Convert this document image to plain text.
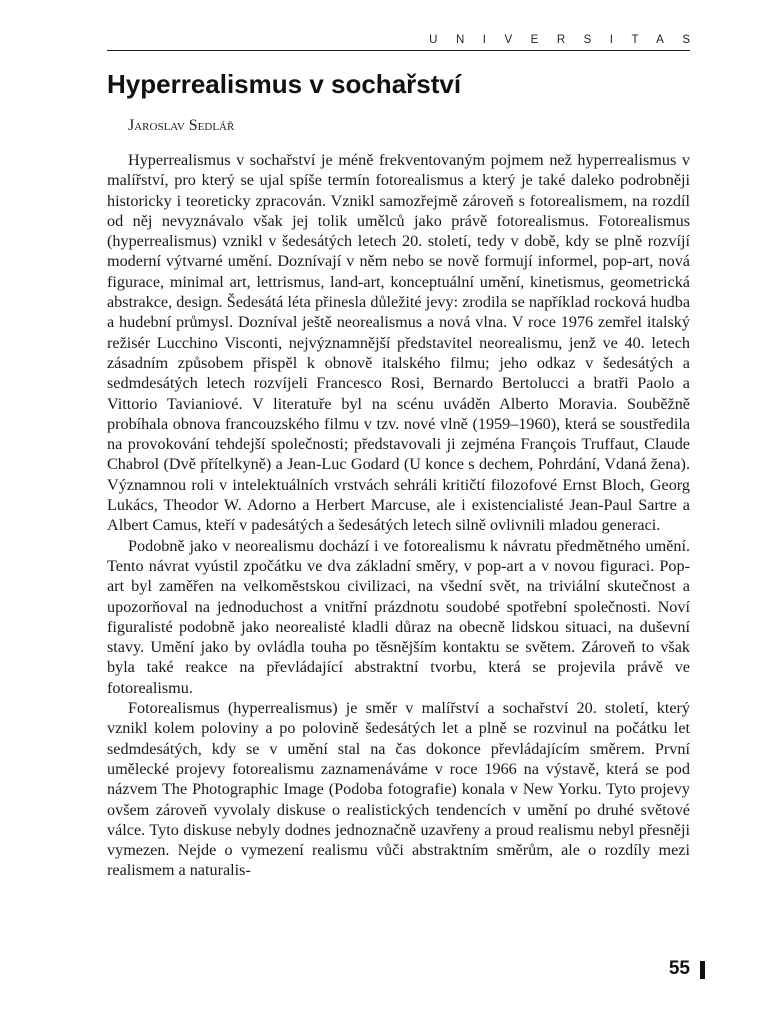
UNIVERSITAS
Hyperrealismus v sochařství
Jaroslav Sedlář

Hyperrealismus v sochařství je méně frekventovaným pojmem než hyperrealismus v malířství, pro který se ujal spíše termín fotorealismus a který je také daleko podrobněji historicky i teoreticky zpracován. Vznikl samozřejmě zároveň s fotorealismem, na rozdíl od něj nevyznávalo však jej tolik umělců jako právě fotorealismus. Fotorealismus (hyperrealismus) vznikl v šedesátých letech 20. století, tedy v době, kdy se plně rozvíjí moderní výtvarné umění. Doznívají v něm nebo se nově formují informel, pop-art, nová figurace, minimal art, lettrismus, land-art, konceptuální umění, kinetismus, geometrická abstrakce, design. Šedesátá léta přinesla důležité jevy: zrodila se například rocková hudba a hudební průmysl. Dozníval ještě neorealismus a nová vlna. V roce 1976 zemřel italský režisér Lucchino Visconti, nejvýznamnější představitel neorealismu, jenž ve 40. letech zásadním způsobem přispěl k obnově italského filmu; jeho odkaz v šedesátých a sedmdesátých letech rozvíjeli Francesco Rosi, Bernardo Bertolucci a bratři Paolo a Vittorio Tavianiové. V literatuře byl na scénu uváděn Alberto Moravia. Souběžně probíhala obnova francouzského filmu v tzv. nové vlně (1959–1960), která se soustředila na provokování tehdejší společnosti; představovali ji zejména François Truffaut, Claude Chabrol (Dvě přítelkyně) a Jean-Luc Godard (U konce s dechem, Pohrdání, Vdaná žena). Významnou roli v intelektuálních vrstvách sehráli kritičtí filozofové Ernst Bloch, Georg Lukács, Theodor W. Adorno a Herbert Marcuse, ale i existencialisté Jean-Paul Sartre a Albert Camus, kteří v padesátých a šedesátých letech silně ovlivnili mladou generaci.

Podobně jako v neorealismu dochází i ve fotorealismu k návratu předmětného umění. Tento návrat vyústil zpočátku ve dva základní směry, v pop-art a v novou figuraci. Pop-art byl zaměřen na velkoměstskou civilizaci, na všední svět, na triviální skutečnost a upozorňoval na jednoduchost a vnitřní prázdnotu soudobé spotřební společnosti. Noví figuralisté podobně jako neorealisté kladli důraz na obecně lidskou situaci, na duševní stavy. Umění jako by ovládla touha po těsnějším kontaktu se světem. Zároveň to však byla také reakce na převládající abstraktní tvorbu, která se projevila právě ve fotorealismu.

Fotorealismus (hyperrealismus) je směr v malířství a sochařství 20. století, který vznikl kolem poloviny a po polovině šedesátých let a plně se rozvinul na počátku let sedmdesátých, kdy se v umění stal na čas dokonce převládajícím směrem. První umělecké projevy fotorealismu zaznamenáváme v roce 1966 na výstavě, která se pod názvem The Photographic Image (Podoba fotografie) konala v New Yorku. Tyto projevy ovšem zároveň vyvolaly diskuse o realistických tendencích v umění po druhé světové válce. Tyto diskuse nebyly dodnes jednoznačně uzavřeny a proud realismu nebyl přesněji vymezen. Nejde o vymezení realismu vůči abstraktním směrům, ale o rozdíly mezi realismem a naturalis-

55
